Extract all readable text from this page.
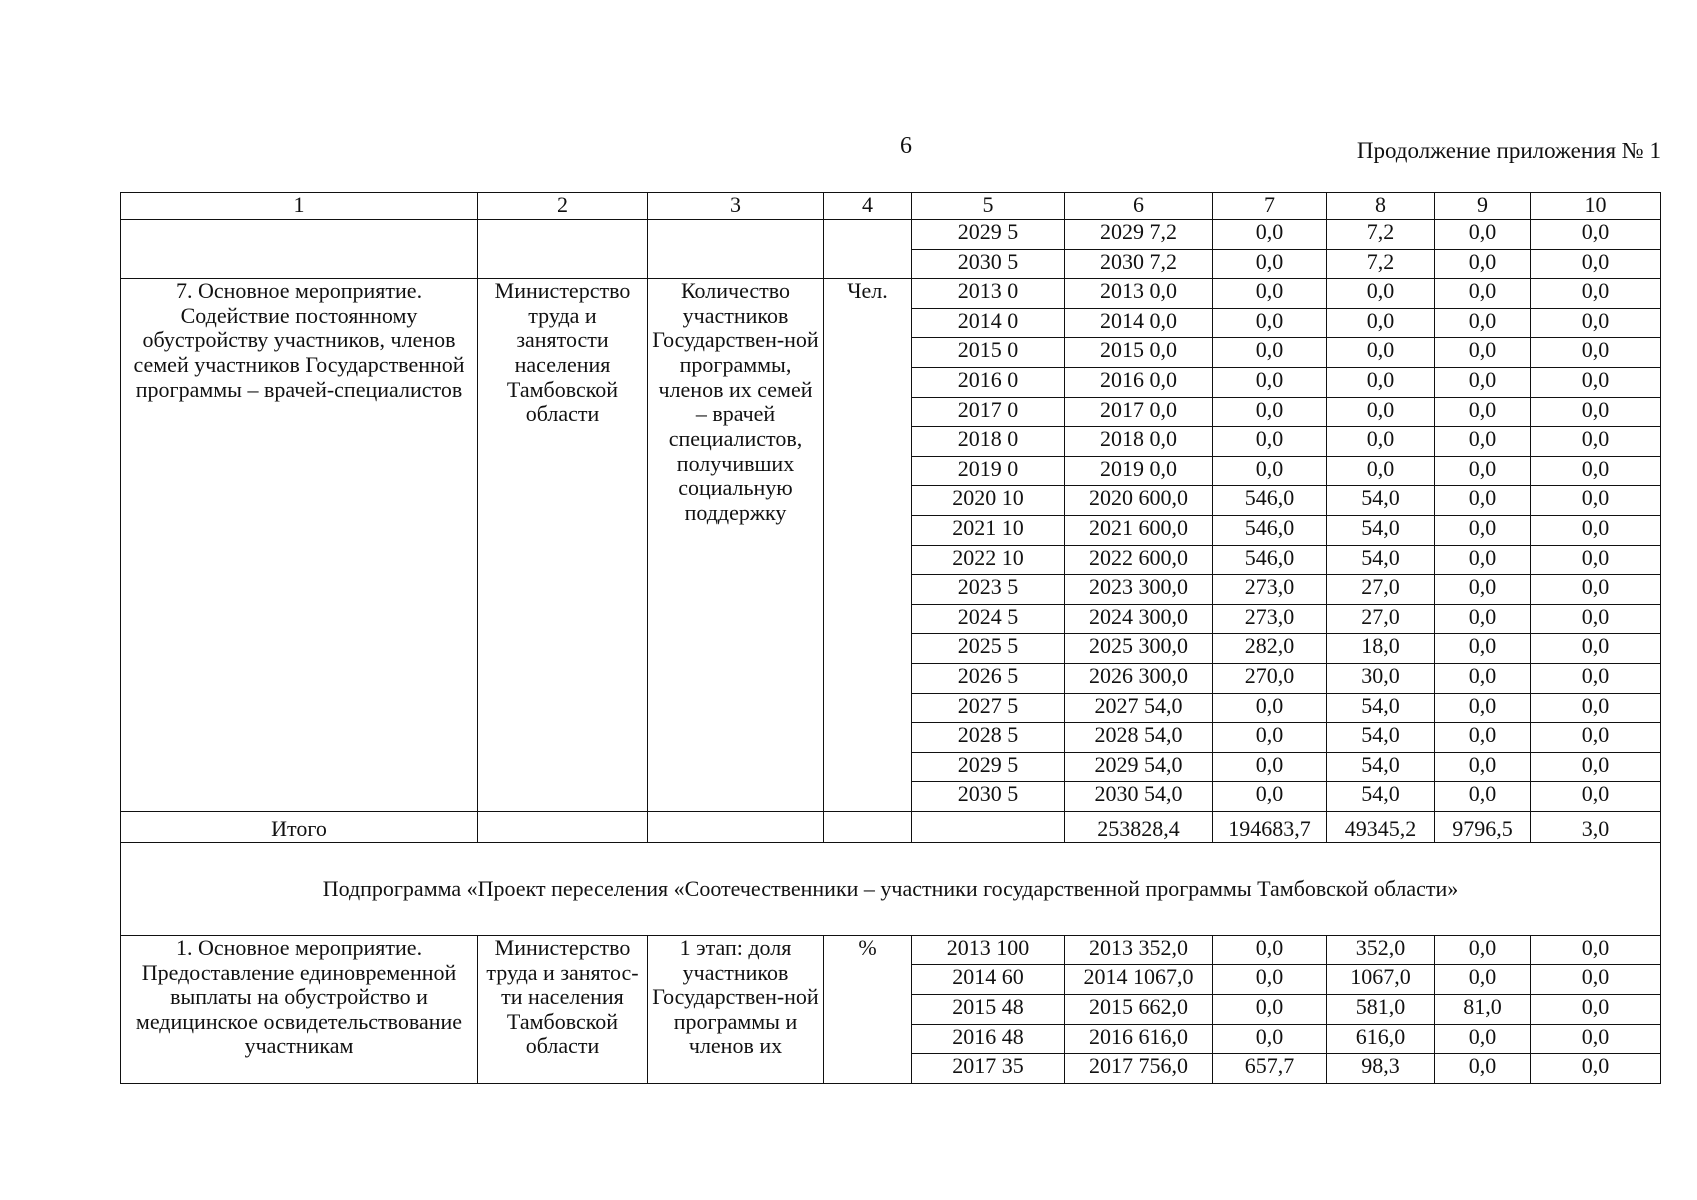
6	Продолжение приложения № 1
1	2	3	4	5	6	7	8	9	10
				2029 5	2029 7,2	0,0	7,2	0,0	0,0
				2030 5	2030 7,2	0,0	7,2	0,0	0,0
7. Основное мероприятие. Содействие постоянному обустройству участников, членов семей участников Государственной программы – врачей-специалистов	Министерство труда и занятости населения Тамбовской области	Количество участников Государствен-ной программы, членов их семей – врачей специалистов, получивших социальную поддержку	Чел.	2013 0	2013 0,0	0,0	0,0	0,0	0,0
				2014 0	2014 0,0	0,0	0,0	0,0	0,0
				2015 0	2015 0,0	0,0	0,0	0,0	0,0
				2016 0	2016 0,0	0,0	0,0	0,0	0,0
				2017 0	2017 0,0	0,0	0,0	0,0	0,0
				2018 0	2018 0,0	0,0	0,0	0,0	0,0
				2019 0	2019 0,0	0,0	0,0	0,0	0,0
				2020 10	2020 600,0	546,0	54,0	0,0	0,0
				2021 10	2021 600,0	546,0	54,0	0,0	0,0
				2022 10	2022 600,0	546,0	54,0	0,0	0,0
				2023 5	2023 300,0	273,0	27,0	0,0	0,0
				2024 5	2024 300,0	273,0	27,0	0,0	0,0
				2025 5	2025 300,0	282,0	18,0	0,0	0,0
				2026 5	2026 300,0	270,0	30,0	0,0	0,0
				2027 5	2027 54,0	0,0	54,0	0,0	0,0
				2028 5	2028 54,0	0,0	54,0	0,0	0,0
				2029 5	2029 54,0	0,0	54,0	0,0	0,0
				2030 5	2030 54,0	0,0	54,0	0,0	0,0
Итого					253828,4	194683,7	49345,2	9796,5	3,0
Подпрограмма «Проект переселения «Соотечественники – участники государственной программы Тамбовской области»									
1. Основное мероприятие. Предоставление единовременной выплаты на обустройство и медицинское освидетельствование участникам	Министерство труда и занятос-ти населения Тамбовской области	1 этап: доля участников Государствен-ной программы и членов их	%	2013 100	2013 352,0	0,0	352,0	0,0	0,0
				2014 60	2014 1067,0	0,0	1067,0	0,0	0,0
				2015 48	2015 662,0	0,0	581,0	81,0	0,0
				2016 48	2016 616,0	0,0	616,0	0,0	0,0
				2017 35	2017 756,0	657,7	98,3	0,0	0,0
